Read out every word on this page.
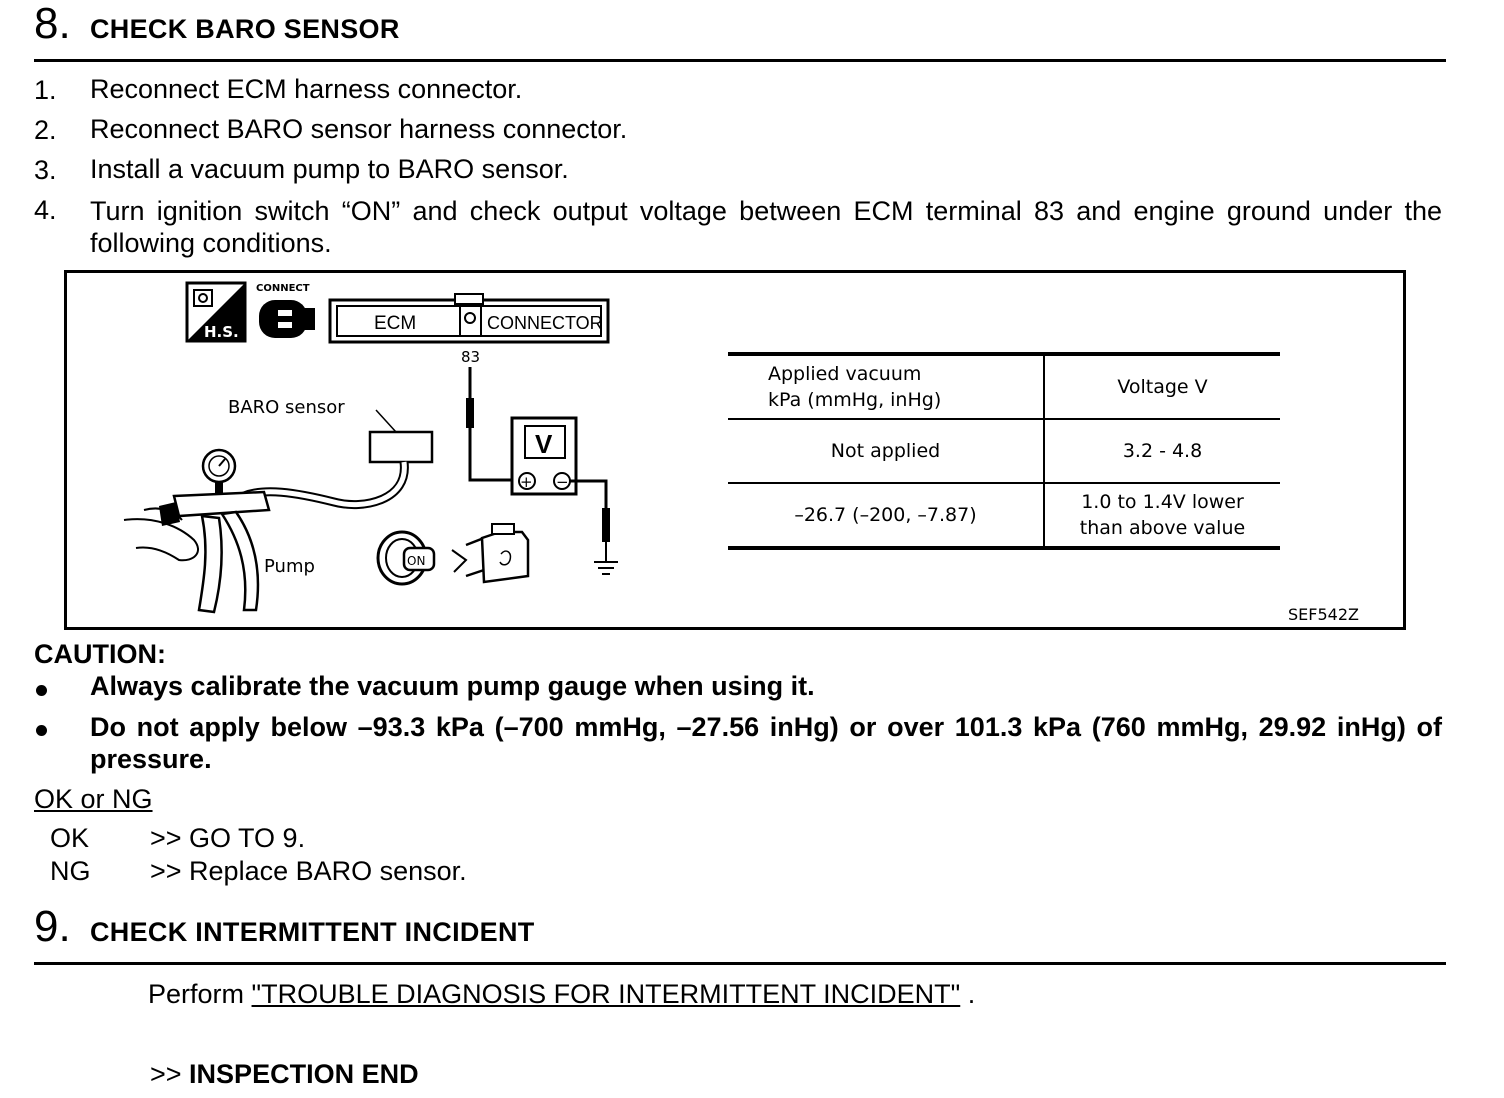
8. CHECK BARO SENSOR
1. Reconnect ECM harness connector.
2. Reconnect BARO sensor harness connector.
3. Install a vacuum pump to BARO sensor.
4. Turn ignition switch “ON” and check output voltage between ECM terminal 83 and engine ground under the following conditions.
H.S.
CONNECT
ECM	CONNECTOR
83
V
+ −
BARO sensor
Pump	ON
SEF542Z
Applied vacuum
kPa (mmHg, inHg)	Voltage V
Not applied	3.2 - 4.8
–26.7 (–200, –7.87)	1.0 to 1.4V lower
than above value
CAUTION:
Always calibrate the vacuum pump gauge when using it.
Do not apply below –93.3 kPa (–700 mmHg, –27.56 inHg) or over 101.3 kPa (760 mmHg, 29.92 inHg) of pressure.
OK or NG
OK >> GO TO 9.
NG >> Replace BARO sensor.
9. CHECK INTERMITTENT INCIDENT
Perform "TROUBLE DIAGNOSIS FOR INTERMITTENT INCIDENT" .
>> INSPECTION END
